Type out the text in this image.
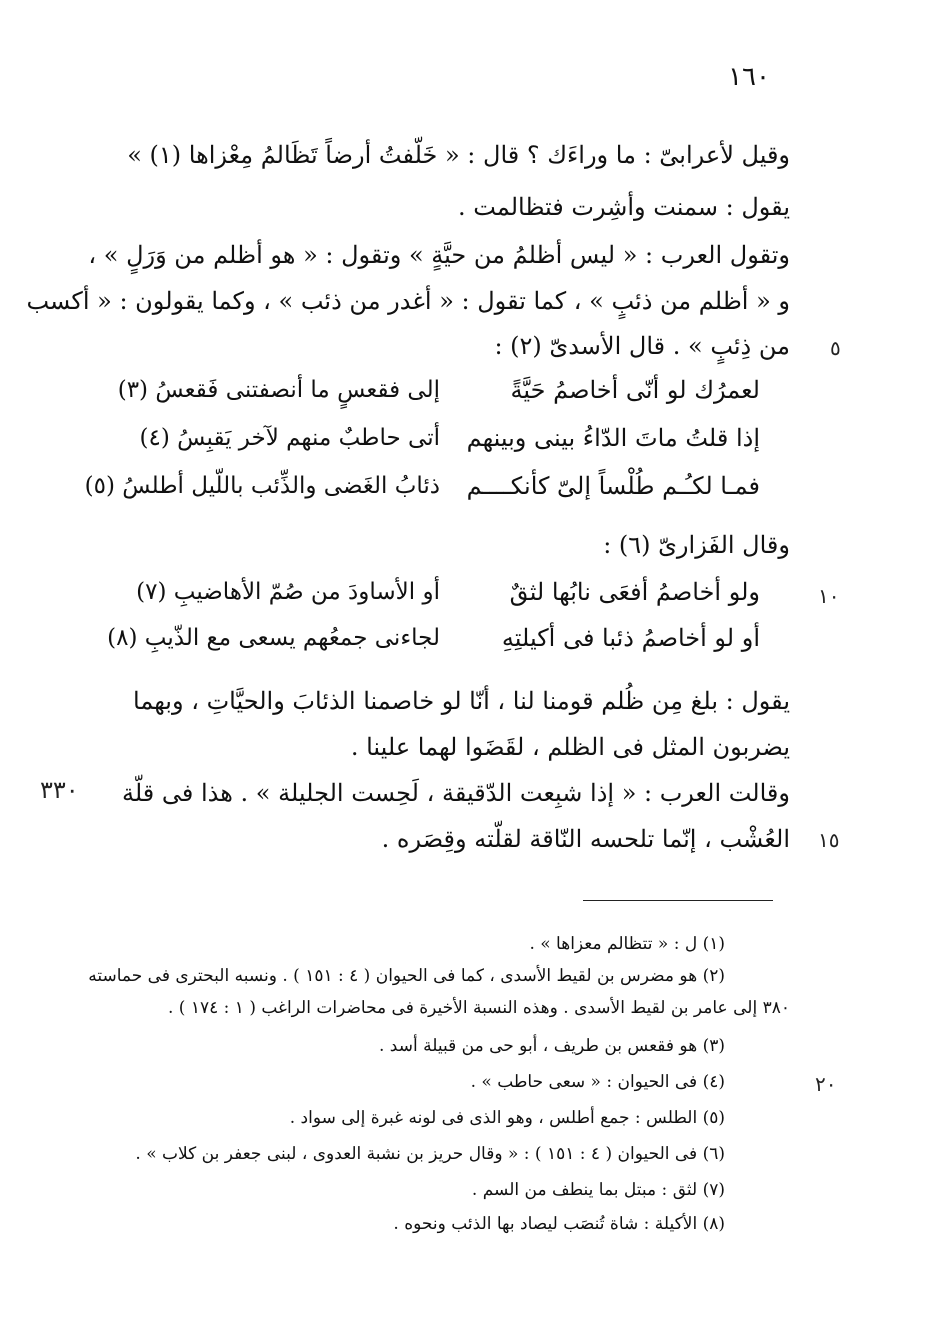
١٦٠
وقيل لأعرابىّ : ما وراءَك ؟ قال : « خَلّفتُ أرضاً تَظَالمُ مِعْزاها (١) »
يقول : سمنت وأشِرت فتظالمت .
وتقول العرب : « ليس أظلمُ من حيَّةٍ » وتقول : « هو أظلم من وَرَلٍ » ،
و « أظلم من ذئبٍ » ، كما تقول : « أغدر من ذئب » ، وكما يقولون : « أكسب
من ذِئبٍ » . قال الأسدىّ (٢) : ٥
لعمرُك لو أنّى أخاصمُ حَيَّةً
إلى فقعسٍ ما أنصفتنى فَقعسُ (٣)
إذا قلتُ ماتَ الدّاءُ بينى وبينهم
أتى حاطبٌ منهم لآخر يَقبِسُ (٤)
فمـا لكـُـم طُلْساً إلىّ كأنكــــم
ذئابُ الغَضى والذِّئب باللّيل أطلسُ (٥)
وقال الفَزارىّ (٦) :
ولو أخاصمُ أفعَى نابُها لثقٌ
أو الأساودَ من صُمّ الأهاضيبِ (٧)	١٠
أو لو أخاصمُ ذئبا فى أكيلتِهِ
لجاءنى جمعُهم يسعى مع الذّيبِ (٨)
يقول : بلغ مِن ظُلم قومنا لنا ، أنّا لو خاصمنا الذئابَ والحيَّاتِ ، وبهما
يضربون المثل فى الظلم ، لقَضَوا لهما علينا .
وقالت العرب : « إذا شبِعت الدّقيقة ، لَحِست الجليلة » . هذا فى قلّة
٣٣٠
العُشْب ، إنّما تلحسه النّاقة لقلّته وقِصَره . ١٥
(١) ل : « تتظالم معزاها » .
(٢) هو مضرس بن لقيط الأسدى ، كما فى الحيوان ( ٤ : ١٥١ ) . ونسبه البحترى فى حماسته
٣٨٠ إلى عامر بن لقيط الأسدى . وهذه النسبة الأخيرة فى محاضرات الراغب ( ١ : ١٧٤ ) .
(٣) هو فقعس بن طريف ، أبو حى من قبيلة أسد .
(٤) فى الحيوان : « سعى حاطب » .	٢٠
(٥) الطلس : جمع أطلس ، وهو الذى فى لونه غبرة إلى سواد .
(٦) فى الحيوان ( ٤ : ١٥١ ) : « وقال حريز بن نشبة العدوى ، لبنى جعفر بن كلاب » .
(٧) لثق : مبتل بما ينطف من السم .
(٨) الأكيلة : شاة تُنصَب ليصاد بها الذئب ونحوه .
